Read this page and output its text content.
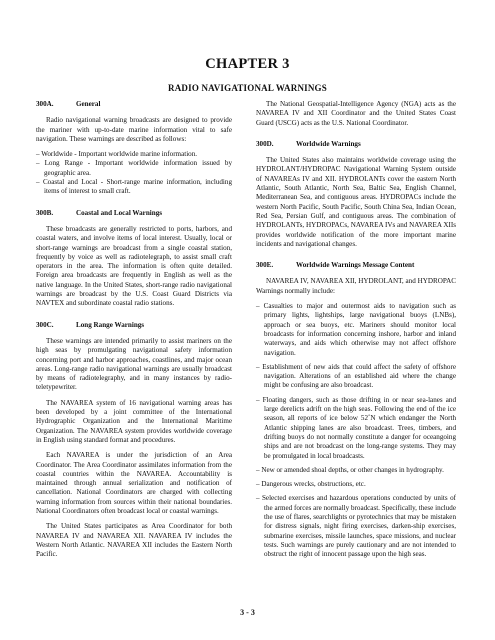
CHAPTER 3
RADIO NAVIGATIONAL WARNINGS
300A.	General

Radio navigational warning broadcasts are designed to provide the mariner with up-to-date marine information vital to safe navigation. These warnings are described as follows:

– Worldwide - Important worldwide marine information.
– Long Range - Important worldwide information issued by geographic area.
– Coastal and Local - Short-range marine information, including items of interest to small craft.
300B.	Coastal and Local Warnings

These broadcasts are generally restricted to ports, harbors, and coastal waters, and involve items of local interest. Usually, local or short-range warnings are broadcast from a single coastal station, frequently by voice as well as radiotelegraph, to assist small craft operators in the area. The information is often quite detailed. Foreign area broadcasts are frequently in English as well as the native language. In the United States, short-range radio navigational warnings are broadcast by the U.S. Coast Guard Districts via NAVTEX and subordinate coastal radio stations.

300C.	Long Range Warnings

These warnings are intended primarily to assist mariners on the high seas by promulgating navigational safety information concerning port and harbor approaches, coastlines, and major ocean areas. Long-range radio navigational warnings are usually broadcast by means of radiotelegraphy, and in many instances by radio-teletypewriter.

The NAVAREA system of 16 navigational warning areas has been developed by a joint committee of the International Hydrographic Organization and the International Maritime Organization. The NAVAREA system provides worldwide coverage in English using standard format and procedures.

Each NAVAREA is under the jurisdiction of an Area Coordinator. The Area Coordinator assimilates information from the coastal countries within the NAVAREA. Accountability is maintained through annual serialization and notification of cancellation. National Coordinators are charged with collecting warning information from sources within their national boundaries. National Coordinators often broadcast local or coastal warnings.

The United States participates as Area Coordinator for both NAVAREA IV and NAVAREA XII. NAVAREA IV includes the Western North Atlantic. NAVAREA XII includes the Eastern North Pacific.

The National Geospatial-Intelligence Agency (NGA) acts as the NAVAREA IV and XII Coordinator and the United States Coast Guard (USCG) acts as the U.S. National Coordinator.

300D.	Worldwide Warnings

The United States also maintains worldwide coverage using the HYDROLANT/HYDROPAC Navigational Warning System outside of NAVAREAs IV and XII. HYDROLANTs cover the eastern North Atlantic, South Atlantic, North Sea, Baltic Sea, English Channel, Mediterranean Sea, and contiguous areas. HYDROPACs include the western North Pacific, South Pacific, South China Sea, Indian Ocean, Red Sea, Persian Gulf, and contiguous areas. The combination of HYDROLANTs, HYDROPACs, NAVAREA IVs and NAVAREA XIIs provides worldwide notification of the more important marine incidents and navigational changes.

300E.	Worldwide Warnings Message Content

NAVAREA IV, NAVAREA XII, HYDROLANT, and HYDROPAC Warnings normally include:

– Casualties to major and outermost aids to navigation such as primary lights, lightships, large navigational buoys (LNBs), approach or sea buoys, etc. Mariners should monitor local broadcasts for information concerning inshore, harbor and inland waterways, and aids which otherwise may not affect offshore navigation.
– Establishment of new aids that could affect the safety of offshore navigation. Alterations of an established aid where the change might be confusing are also broadcast.
– Floating dangers, such as those drifting in or near sea-lanes and large derelicts adrift on the high seas. Following the end of the ice season, all reports of ice below 52˚N which endanger the North Atlantic shipping lanes are also broadcast. Trees, timbers, and drifting buoys do not normally constitute a danger for oceangoing ships and are not broadcast on the long-range systems. They may be promulgated in local broadcasts.
– New or amended shoal depths, or other changes in hydrography.
– Dangerous wrecks, obstructions, etc.
– Selected exercises and hazardous operations conducted by units of the armed forces are normally broadcast. Specifically, these include the use of flares, searchlights or pyrotechnics that may be mistaken for distress signals, night firing exercises, darken-ship exercises, submarine exercises, missile launches, space missions, and nuclear tests. Such warnings are purely cautionary and are not intended to obstruct the right of innocent passage upon the high seas.
3 - 3
